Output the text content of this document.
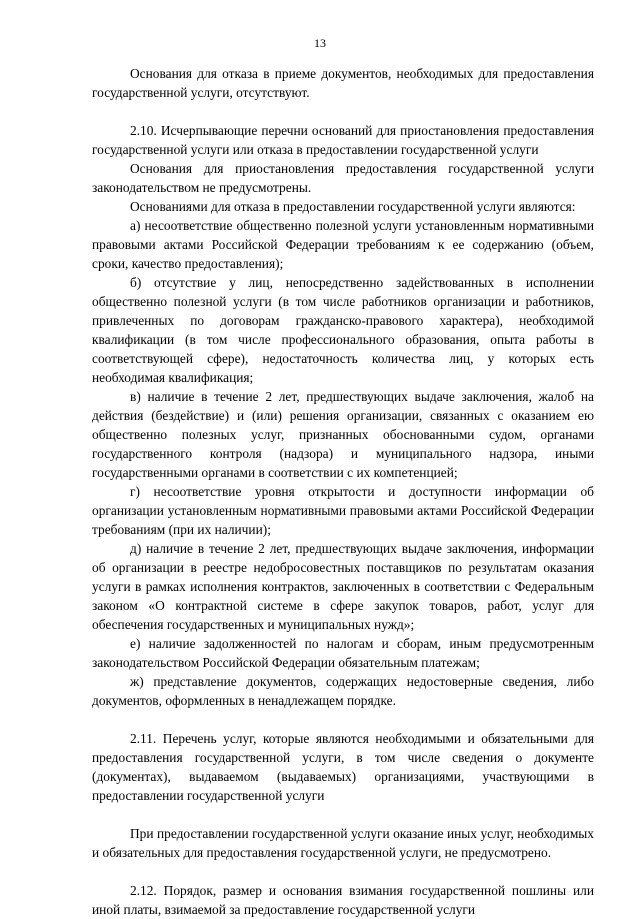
13

Основания для отказа в приеме документов, необходимых для предоставления государственной услуги, отсутствуют.

2.10. Исчерпывающие перечни оснований для приостановления предоставления государственной услуги или отказа в предоставлении государственной услуги

Основания для приостановления предоставления государственной услуги законодательством не предусмотрены.

Основаниями для отказа в предоставлении государственной услуги являются:

а) несоответствие общественно полезной услуги установленным нормативными правовыми актами Российской Федерации требованиям к ее содержанию (объем, сроки, качество предоставления);

б) отсутствие у лиц, непосредственно задействованных в исполнении общественно полезной услуги (в том числе работников организации и работников, привлеченных по договорам гражданско-правового характера), необходимой квалификации (в том числе профессионального образования, опыта работы в соответствующей сфере), недостаточность количества лиц, у которых есть необходимая квалификация;

в) наличие в течение 2 лет, предшествующих выдаче заключения, жалоб на действия (бездействие) и (или) решения организации, связанных с оказанием ею общественно полезных услуг, признанных обоснованными судом, органами государственного контроля (надзора) и муниципального надзора, иными государственными органами в соответствии с их компетенцией;

г) несоответствие уровня открытости и доступности информации об организации установленным нормативными правовыми актами Российской Федерации требованиям (при их наличии);

д) наличие в течение 2 лет, предшествующих выдаче заключения, информации об организации в реестре недобросовестных поставщиков по результатам оказания услуги в рамках исполнения контрактов, заключенных в соответствии с Федеральным законом «О контрактной системе в сфере закупок товаров, работ, услуг для обеспечения государственных и муниципальных нужд»;

е) наличие задолженностей по налогам и сборам, иным предусмотренным законодательством Российской Федерации обязательным платежам;

ж) представление документов, содержащих недостоверные сведения, либо документов, оформленных в ненадлежащем порядке.

2.11. Перечень услуг, которые являются необходимыми и обязательными для предоставления государственной услуги, в том числе сведения о документе (документах), выдаваемом (выдаваемых) организациями, участвующими в предоставлении государственной услуги

При предоставлении государственной услуги оказание иных услуг, необходимых и обязательных для предоставления государственной услуги, не предусмотрено.

2.12. Порядок, размер и основания взимания государственной пошлины или иной платы, взимаемой за предоставление государственной услуги
